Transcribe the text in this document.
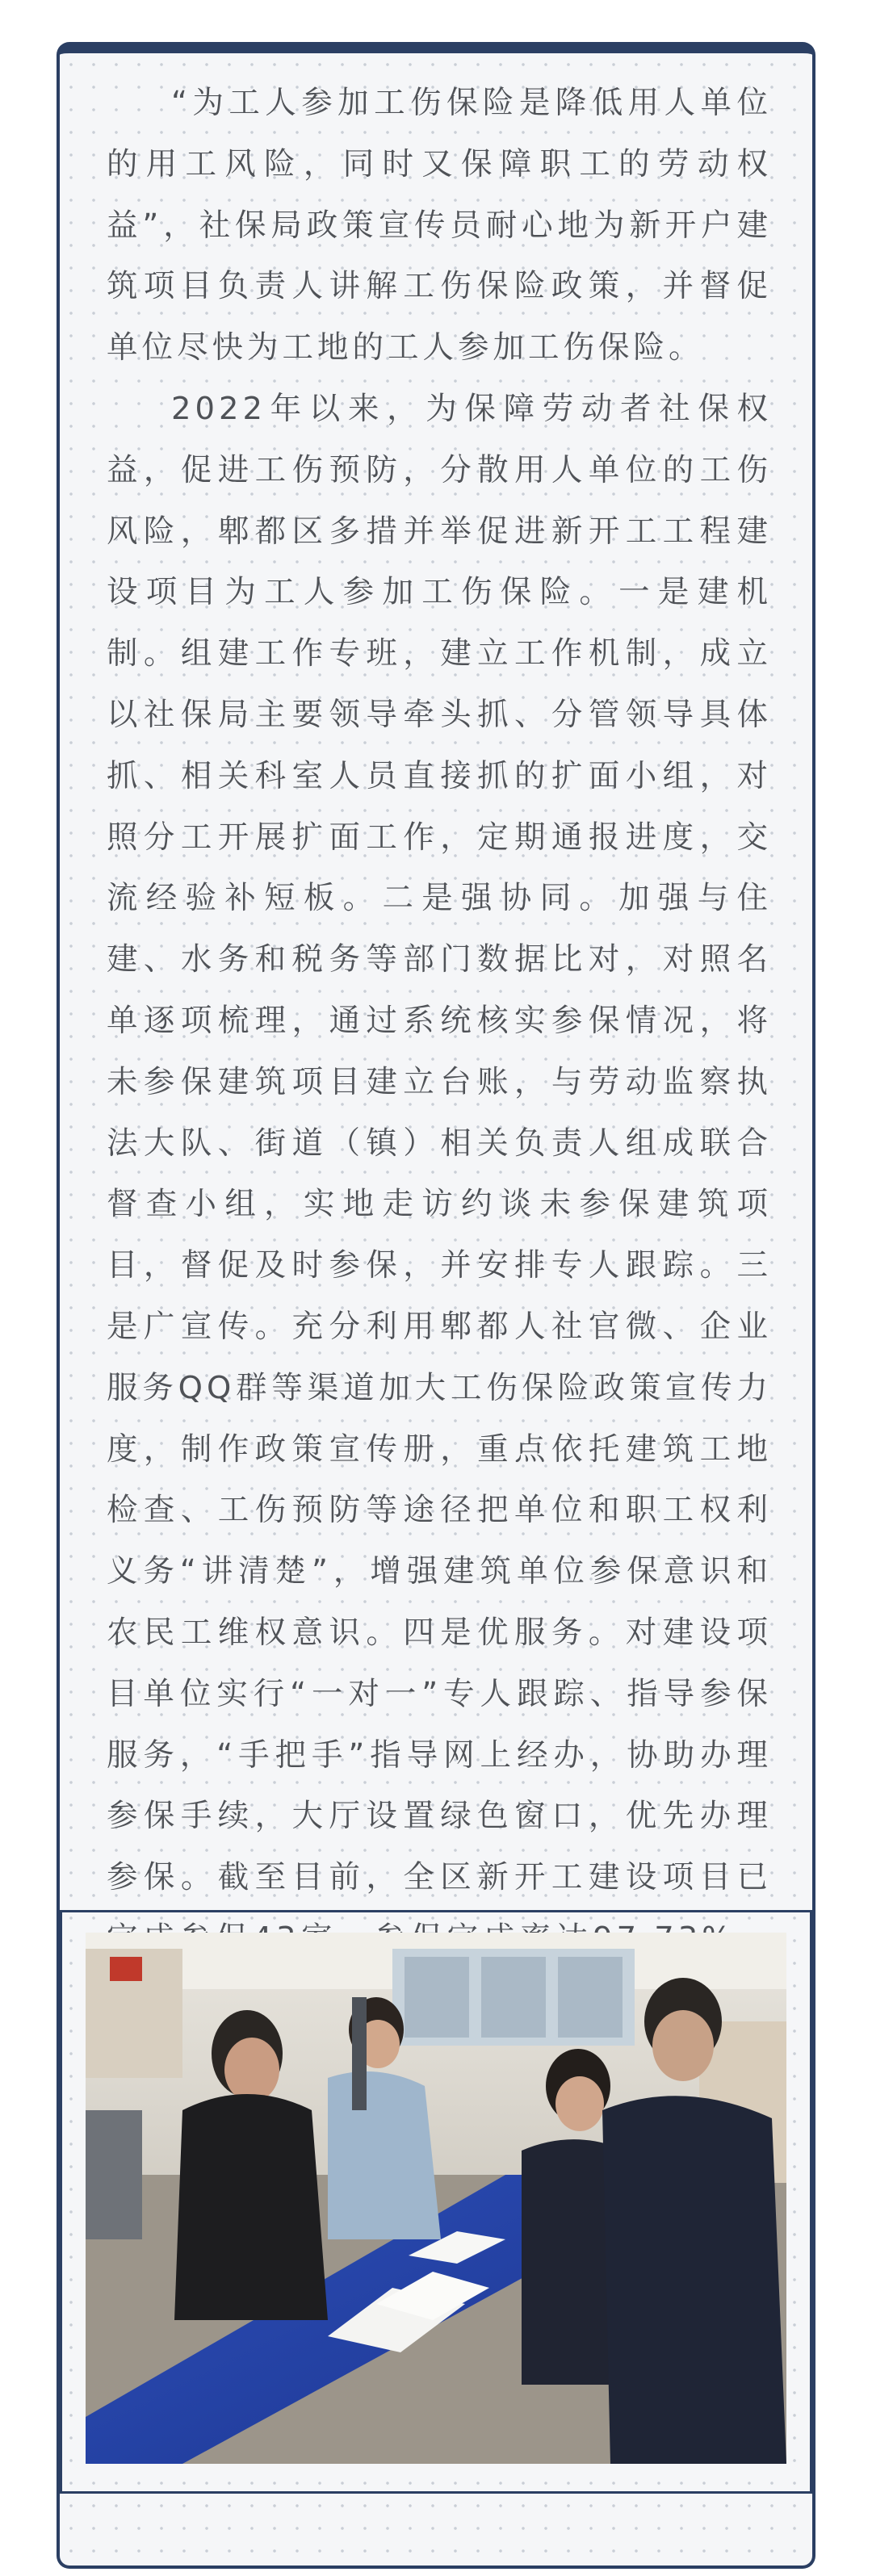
“为工人参加工伤保险是降低用人单位的用工风险，同时又保障职工的劳动权益”，社保局政策宣传员耐心地为新开户建筑项目负责人讲解工伤保险政策，并督促单位尽快为工地的工人参加工伤保险。

2022年以来，为保障劳动者社保权益，促进工伤预防，分散用人单位的工伤风险，郫都区多措并举促进新开工工程建设项目为工人参加工伤保险。一是建机制。组建工作专班，建立工作机制，成立以社保局主要领导牵头抓、分管领导具体抓、相关科室人员直接抓的扩面小组，对照分工开展扩面工作，定期通报进度，交流经验补短板。二是强协同。加强与住建、水务和税务等部门数据比对，对照名单逐项梳理，通过系统核实参保情况，将未参保建筑项目建立台账，与劳动监察执法大队、街道（镇）相关负责人组成联合督查小组，实地走访约谈未参保建筑项目，督促及时参保，并安排专人跟踪。三是广宣传。充分利用郫都人社官微、企业服务QQ群等渠道加大工伤保险政策宣传力度，制作政策宣传册，重点依托建筑工地检查、工伤预防等途径把单位和职工权利义务“讲清楚”，增强建筑单位参保意识和农民工维权意识。四是优服务。对建设项目单位实行“一对一”专人跟踪、指导参保服务，“手把手”指导网上经办，协助办理参保手续，大厅设置绿色窗口，优先办理参保。截至目前，全区新开工建设项目已
